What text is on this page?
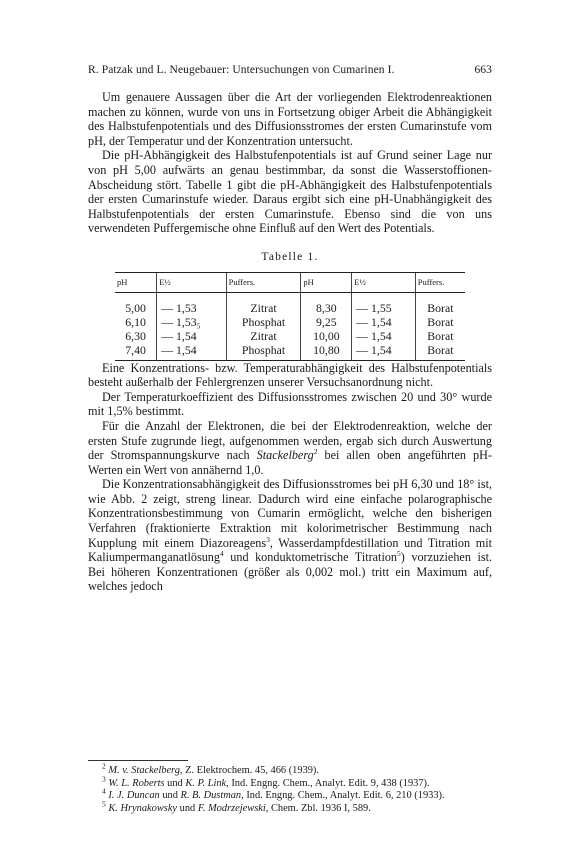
R. Patzak und L. Neugebauer: Untersuchungen von Cumarinen I.	663

Um genauere Aussagen über die Art der vorliegenden Elektrodenreaktionen machen zu können, wurde von uns in Fortsetzung obiger Arbeit die Abhängigkeit des Halbstufenpotentials und des Diffusionsstromes der ersten Cumarinstufe vom pH, der Temperatur und der Konzentration untersucht.

Die pH-Abhängigkeit des Halbstufenpotentials ist auf Grund seiner Lage nur von pH 5,00 aufwärts an genau bestimmbar, da sonst die Wasserstoffionen-Abscheidung stört. Tabelle 1 gibt die pH-Abhängigkeit des Halbstufenpotentials der ersten Cumarinstufe wieder. Daraus ergibt sich eine pH-Unabhängigkeit des Halbstufenpotentials der ersten Cumarinstufe. Ebenso sind die von uns verwendeten Puffergemische ohne Einfluß auf den Wert des Potentials.

Tabelle 1.
pH	E½	Puffers.	pH	E½	Puffers.
5,00	— 1,53	Zitrat	8,30	— 1,55	Borat
6,10	— 1,53₅	Phosphat	9,25	— 1,54	Borat
6,30	— 1,54	Zitrat	10,00	— 1,54	Borat
7,40	— 1,54	Phosphat	10,80	— 1,54	Borat

Eine Konzentrations- bzw. Temperaturabhängigkeit des Halbstufenpotentials besteht außerhalb der Fehlergrenzen unserer Versuchsanordnung nicht.

Der Temperaturkoeffizient des Diffusionsstromes zwischen 20 und 30° wurde mit 1,5% bestimmt.

Für die Anzahl der Elektronen, die bei der Elektrodenreaktion, welche der ersten Stufe zugrunde liegt, aufgenommen werden, ergab sich durch Auswertung der Stromspannungskurve nach Stackelberg$^2$ bei allen oben angeführten pH-Werten ein Wert von annähernd 1,0.

Die Konzentrationsabhängigkeit des Diffusionsstromes bei pH 6,30 und 18° ist, wie Abb. 2 zeigt, streng linear. Dadurch wird eine einfache polarographische Konzentrationsbestimmung von Cumarin ermöglicht, welche den bisherigen Verfahren (fraktionierte Extraktion mit kolorimetrischer Bestimmung nach Kupplung mit einem Diazoreagens$^3$, Wasserdampfdestillation und Titration mit Kaliumpermanganatlösung$^4$ und konduktometrische Titration$^5$) vorzuziehen ist. Bei höheren Konzentrationen (größer als 0,002 mol.) tritt ein Maximum auf, welches jedoch

$^2$ M. v. Stackelberg, Z. Elektrochem. 45, 466 (1939).

$^3$ W. L. Roberts und K. P. Link, Ind. Engng. Chem., Analyt. Edit. 9, 438 (1937).

$^4$ I. J. Duncan und R. B. Dustman, Ind. Engng. Chem., Analyt. Edit. 6, 210 (1933).

$^5$ K. Hrynakowsky und F. Modrzejewski, Chem. Zbl. 1936 I, 589.
